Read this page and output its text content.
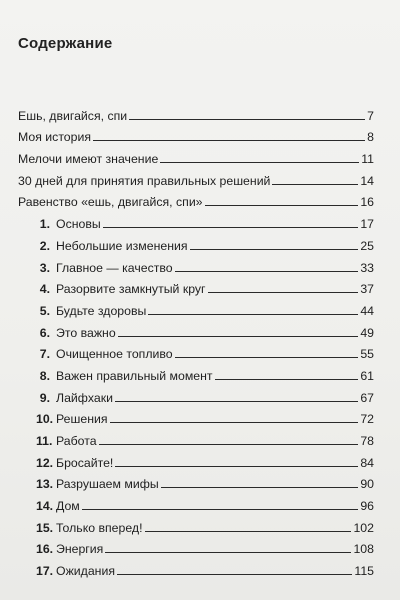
Содержание
Ешь, двигайся, спи	7
Моя история	8
Мелочи имеют значение	11
30 дней для принятия правильных решений	14
Равенство «ешь, двигайся, спи»	16
1. Основы	17
2. Небольшие изменения	25
3. Главное — качество	33
4. Разорвите замкнутый круг	37
5. Будьте здоровы	44
6. Это важно	49
7. Очищенное топливо	55
8. Важен правильный момент	61
9. Лайфхаки	67
10. Решения	72
11. Работа	78
12. Бросайте!	84
13. Разрушаем мифы	90
14. Дом	96
15. Только вперед!	102
16. Энергия	108
17. Ожидания	115
